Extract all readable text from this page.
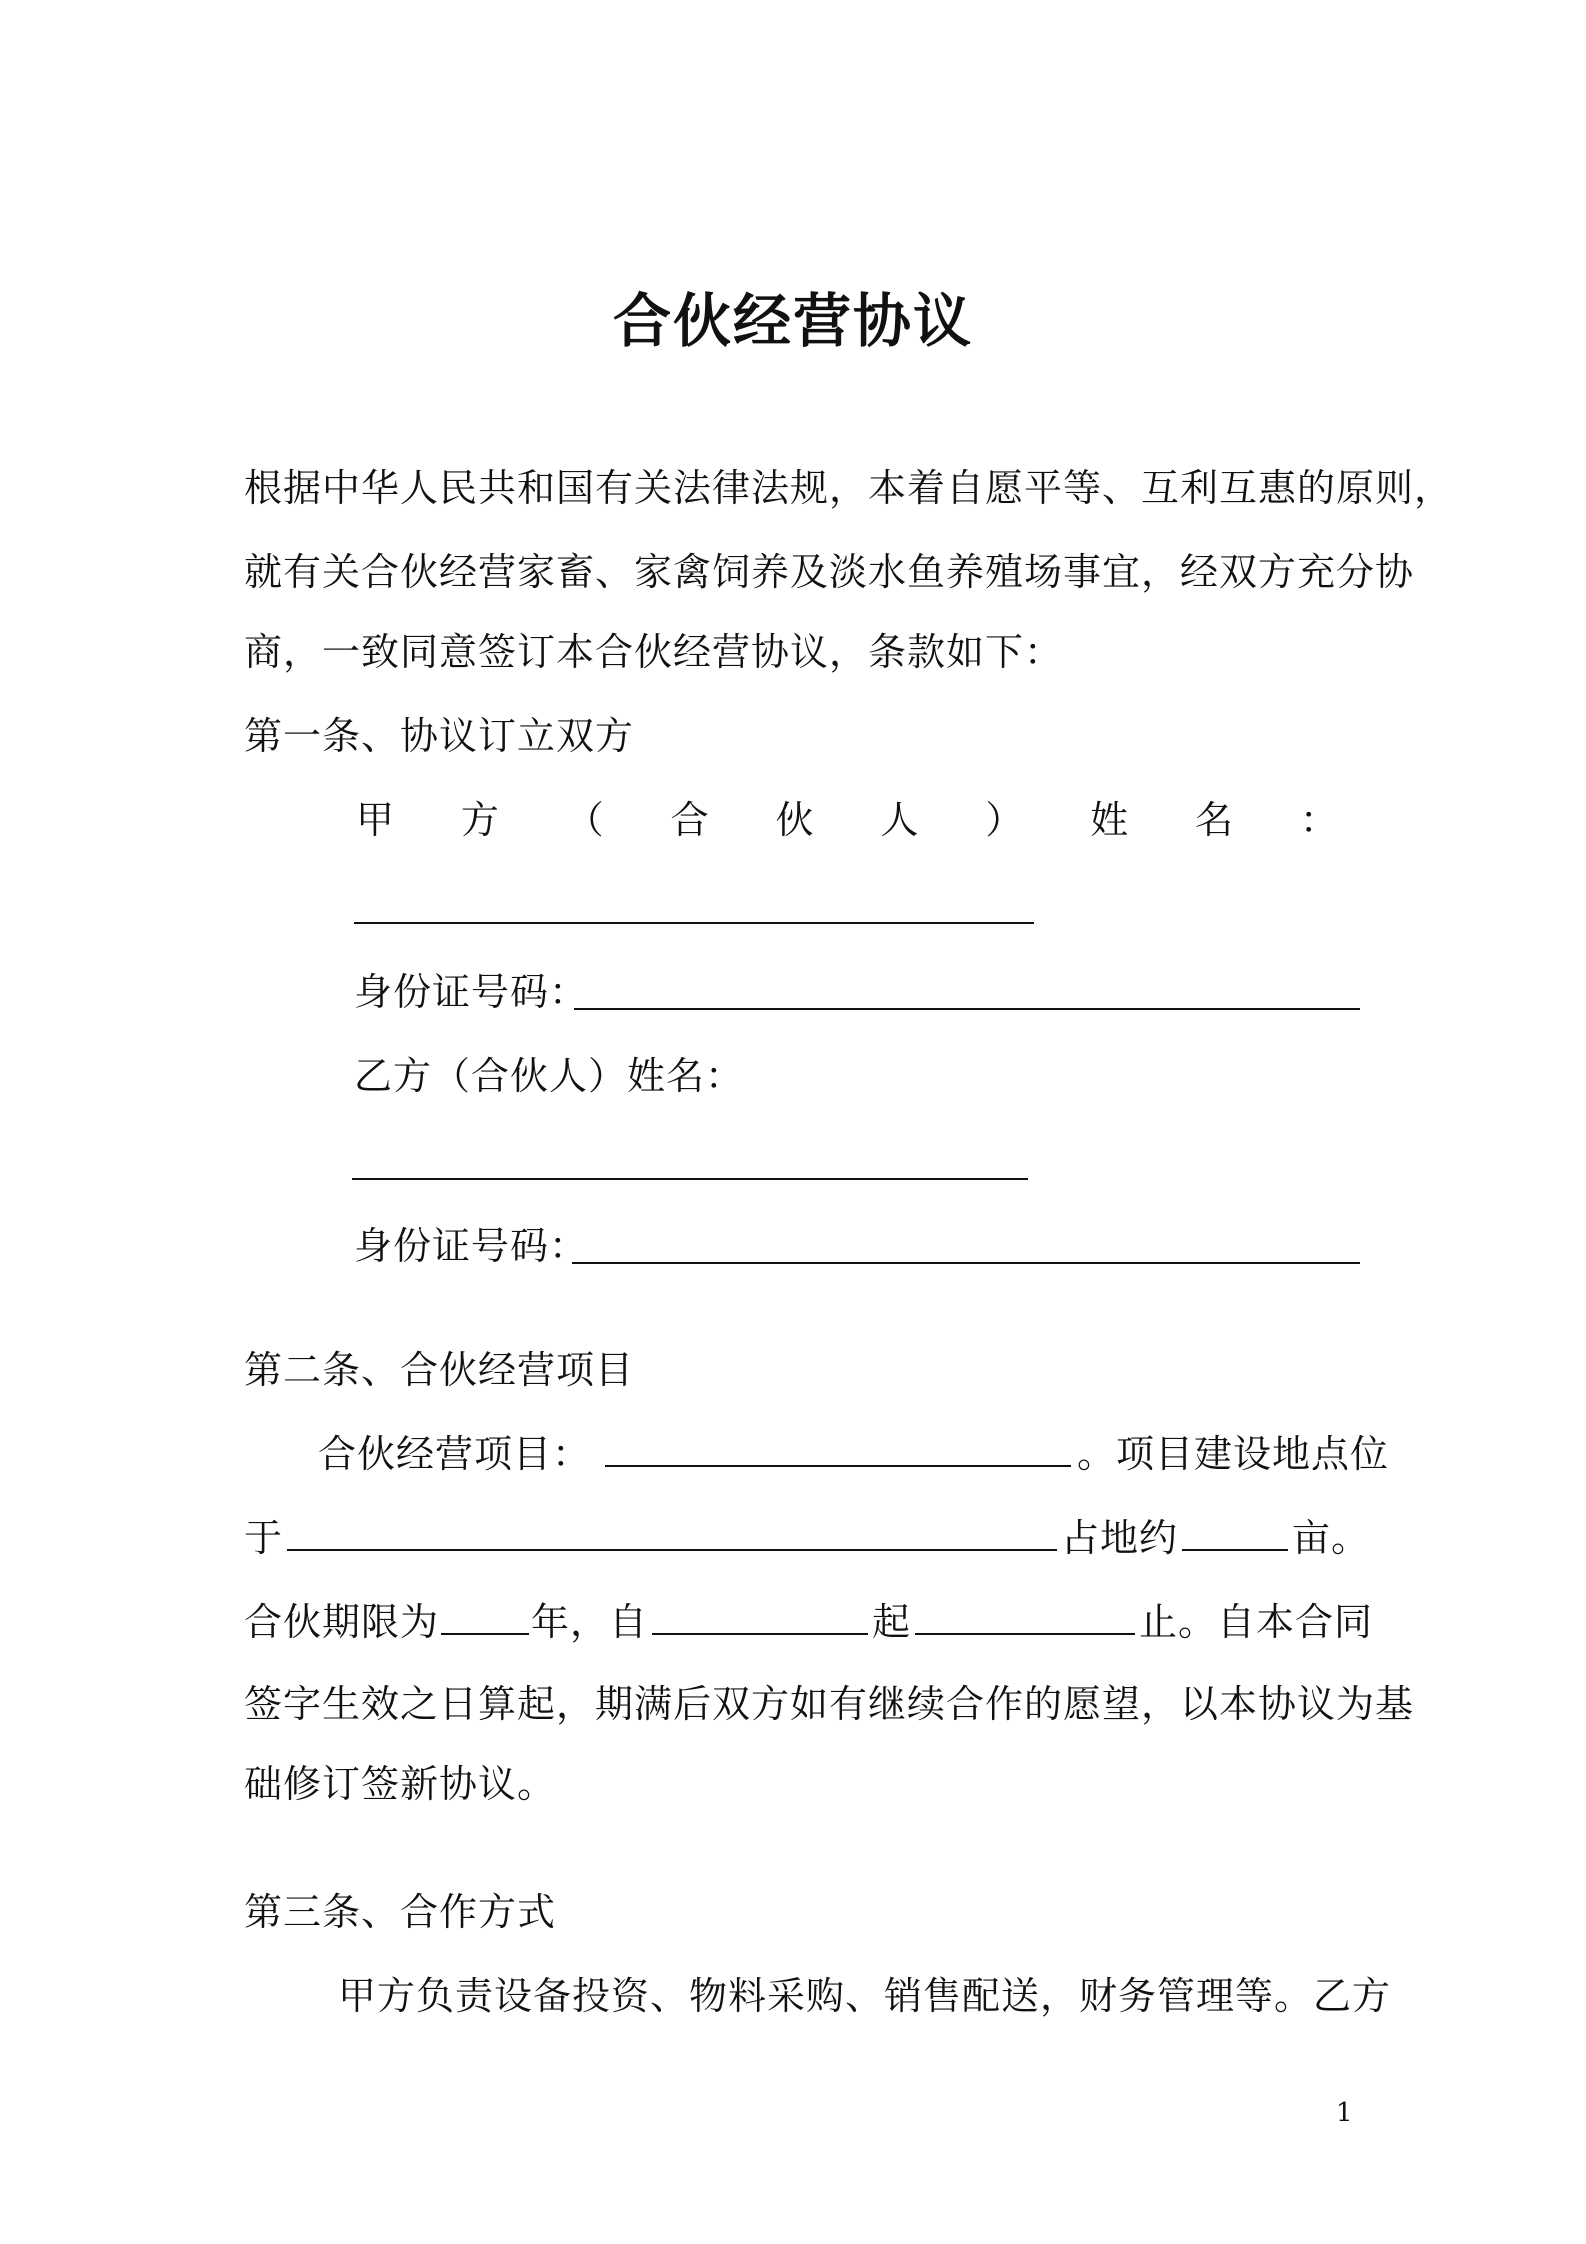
合伙经营协议
根据中华人民共和国有关法律法规，本着自愿平等、互利互惠的原则，
就有关合伙经营家畜、家禽饲养及淡水鱼养殖场事宜，经双方充分协
商，一致同意签订本合伙经营协议，条款如下：
第一条、协议订立双方
甲 方 （ 合 伙 人 ） 姓 名 ：
身份证号码：
乙方（合伙人）姓名：
身份证号码：
第二条、合伙经营项目
合伙经营项目：	。项目建设地点位
于	占地约	亩。
合伙期限为 年，自	起	止。自本合同
签字生效之日算起，期满后双方如有继续合作的愿望，以本协议为基
础修订签新协议。
第三条、合作方式
甲方负责设备投资、物料采购、销售配送，财务管理等。乙方
1
